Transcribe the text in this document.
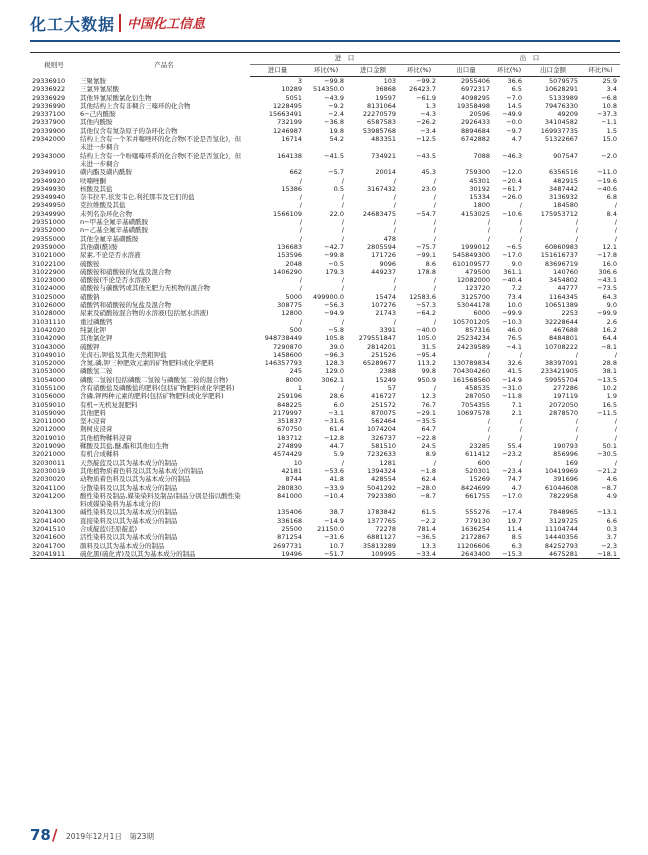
化工大数据 中国化工信息
税则号	产品名	进　口				出　口			
		进口量	环比(%)	进口金额	环比(%)	出口量	环比(%)	出口金额	环比(%)
29336910	三聚氰胺	3	−99.8	103	−99.2	2955406	36.6	5079575	25.9
29336922	三氯异氰尿酸	10289	514350.0	36868	26423.7	6972317	6.5	10628291	3.4
29336929	其他异氰尿酸氯化衍生物	5051	−43.9	19597	−61.9	4098295	−7.0	5133989	−6.8
29336990	其他结构上含有非稠合三嗪环的化合物	1228495	−9.2	8131064	1.3	19358498	14.5	79476330	10.8
29337100	6−己内酰胺	15663491	−2.4	22270579	−4.3	20596	−49.9	49209	−37.3
29337900	其他内酰胺	732199	−36.8	6587583	−26.2	2926433	−0.0	34104582	−1.1
29339900	其他仅含有氮杂原子的杂环化合物	1246987	19.8	53985768	−3.4	8894684	−9.7	169937735	1.5
29342000	结构上含有一个苯并噻唑环的化合物(不论是否氢化)，但未进一步稠合	16714	54.2	483351	−12.5	6742882	4.7	51322667	15.0
29343000	结构上含有一个吩噻嗪环系的化合物(不论是否氢化)，但未进一步稠合	164138	−41.5	734921	−43.5	7088	−46.3	907547	−2.0
29349910	磺内酯及磺内酰胺	662	−5.7	20014	45.3	759300	−12.0	6356516	−11.0
29349920	呋喃唑酮	/	/	/	/	45301	−20.4	482915	−19.6
29349930	核酸及其盐	15386	0.5	3167432	23.0	30192	−61.7	3487442	−40.6
29349940	奈韦拉平,依发韦仑,利托那韦及它们的盐	/	/	/	/	15334	−26.0	3136932	6.8
29349950	克拉维酸及其盐	/	/	/	/	1800	/	184580	/
29349990	未列名杂环化合物	1566109	22.0	24683475	−54.7	4153025	−10.6	175953712	8.4
29351000	n−甲基全氟辛基磺酰胺	/	/	/	/	/	/	/	/
29352000	n−乙基全氟辛基磺酰胺	/	/	/	/	/	/	/	/
29355000	其他全氟辛基磺酰胺	/	/	478	/	/	/	/	/
29359000	其他磺(酰)胺	136683	−42.7	2805594	−75.7	1999012	−6.5	60860983	12.1
31021000	尿素,不论是否水溶液	153596	−99.8	171726	−99.1	545849300	−17.0	151616737	−17.8
31022100	硫酸铵	2048	−0.5	9096	8.6	610109577	9.0	83696719	16.0
31022900	硫酸铵和硝酸铵的复盐及混合物	1406290	179.3	449237	178.8	479500	361.1	140760	306.6
31023000	硝酸铵(不论是否水溶液)	/	/	/	/	12082000	−40.4	3454802	−43.1
31024000	硝酸铵与碳酸钙或其他无肥力无机物的混合物	/	/	/	/	123720	7.2	44777	−73.5
31025000	硝酸钠	5000	499900.0	15474	12583.6	3125700	73.4	1164345	64.3
31026000	硝酸钙和硝酸铵的复盐及混合物	308775	−56.3	107276	−57.3	53044178	10.0	10651389	9.0
31028000	尿素及硝酸铵混合物的水溶液(包括氨水溶液)	12800	−94.9	21743	−64.2	6000	−99.9	2253	−99.9
31031110	重过磷酸钙	/	/	/	/	105701205	−10.3	32228644	2.6
31042020	纯氯化钾	500	−5.8	3391	−40.0	857316	46.0	467688	16.2
31042090	其他氯化钾	948738449	105.8	279551847	105.0	25234234	76.5	8484801	64.4
31043000	硫酸钾	7290870	39.0	2814201	31.5	24239589	−4.1	10708222	−8.1
31049010	光卤石,钾盐及其他天然粗钾盐	1458600	−96.3	251526	−95.4	/	/	/	/
31052000	含氮,磷,钾三种肥效元素的矿物肥料或化学肥料	146357793	128.3	65289677	113.2	130789834	32.6	38397091	28.8
31053000	磷酸氢二铵	245	129.0	2388	99.8	704304260	41.5	233421905	38.1
31054000	磷酸二氢铵(包括磷酸二氢铵与磷酸氢二铵的混合物)	8000	3062.1	15249	950.9	161568560	−14.9	59955704	−13.5
31055100	含有硝酸盐及磷酸盐的肥料(包括矿物肥料或化学肥料)	1	/	57	/	458535	−31.0	277286	10.2
31056000	含磷,钾两种元素的肥料(包括矿物肥料或化学肥料)	259196	28.6	416727	12.3	287050	−11.8	197119	1.9
31059010	有机−无机复混肥料	848225	6.0	251572	76.7	7054355	7.1	2072050	16.5
31059090	其他肥料	2179997	−3.1	870075	−29.1	10697578	2.1	2878570	−11.5
32011000	坚木浸膏	351837	−31.6	562464	−35.5	/	/	/	/
32012000	荆树皮浸膏	670750	61.4	1074204	64.7	/	/	/	/
32019010	其他植物鞣料浸膏	183712	−12.8	326737	−22.8	/	/	/	/
32019090	鞣酸及其盐,醚,酯和其他衍生物	274899	44.7	581510	24.5	23285	55.4	190793	50.1
32021000	有机合成鞣料	4574429	5.9	7232633	8.9	611412	−23.2	856996	−30.5
32030011	天然靛蓝及以其为基本成分的制品	10	/	1281	/	600	/	169	/
32030019	其他植物质着色料及以其为基本成分的制品	42181	−53.6	1394324	−1.8	520301	−23.4	10419969	−21.2
32030020	动物质着色料及以其为基本成分的制品	8744	41.8	428554	62.4	15269	74.7	391696	4.6
32041100	分散染料及以其为基本成分的制品	280830	−33.9	5041292	−28.0	8424699	4.7	61044608	−8.7
32041200	酸性染料及制品,媒染染料及制品(制品分别是指以酸性染料或媒染染料为基本成分的)	841000	−10.4	7923380	−8.7	661755	−17.0	7822958	4.9
32041300	碱性染料及以其为基本成分的制品	135406	38.7	1783842	61.5	555276	−17.4	7848965	−13.1
32041400	直接染料及以其为基本成分的制品	336168	−14.9	1377765	−2.2	779130	19.7	3129725	6.6
32041510	合成靛蓝(还原靛蓝)	25500	21150.0	72278	781.4	1636254	11.4	11104744	0.3
32041600	活性染料及以其为基本成分的制品	871254	−31.6	6881127	−36.5	2172867	8.5	14440356	3.7
32041700	颜料及以其为基本成分的制品	2697731	10.7	35813289	13.3	11206606	6.3	84252793	−2.3
32041911	硫化黑(硫化青)及以其为基本成分的制品	19496	−51.7	109995	−33.4	2643400	−15.3	4675281	−18.1
78 / 2019年12月1日　第23期
